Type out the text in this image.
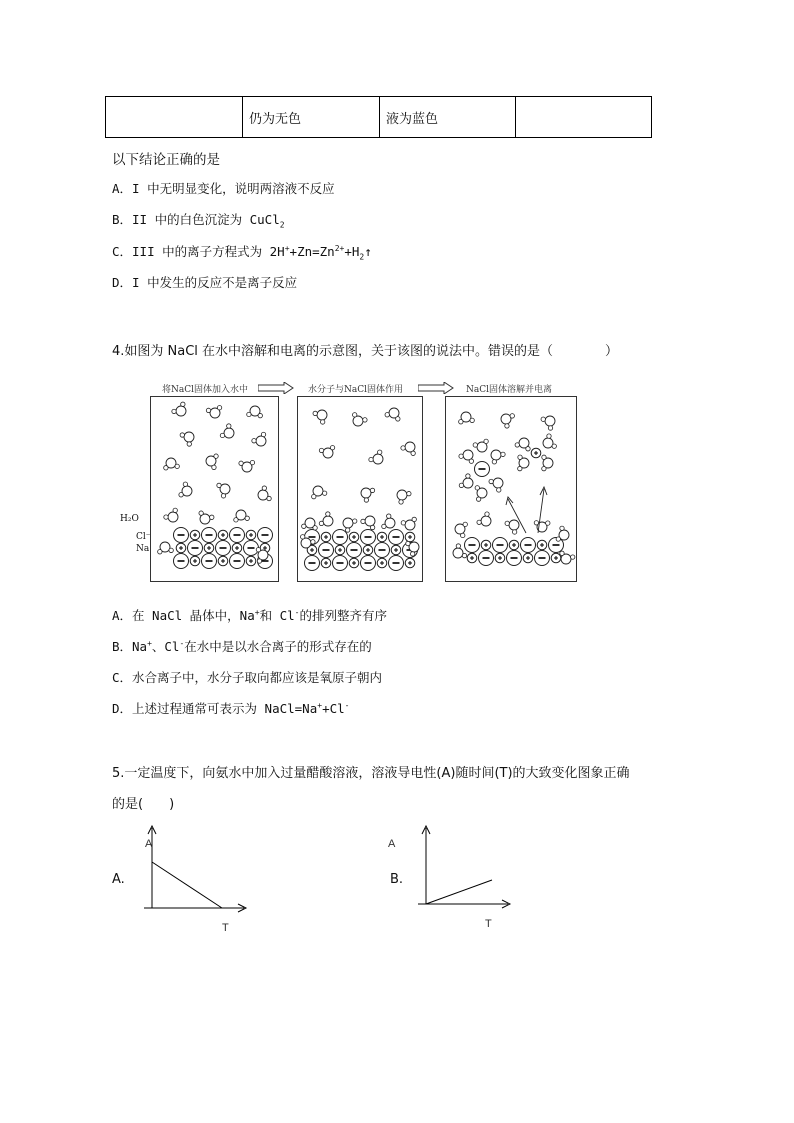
	仍为无色	液为蓝色	
以下结论正确的是
A．I 中无明显变化，说明两溶液不反应
B．II 中的白色沉淀为 CuCl$_2$
C．III 中的离子方程式为 $2H^++Zn=Zn^{2+}+H_2↑$
D．I 中发生的反应不是离子反应
4.如图为 NaCl 在水中溶解和电离的示意图，关于该图的说法中。错误的是（　　　　）
将NaCl固体加入水中	水分子与NaCl固体作用	NaCl固体溶解并电离
H₂O
Cl⁻
Na
A．在 NaCl 晶体中，Na+和 Cl-的排列整齐有序
B．Na+、Cl-在水中是以水合离子的形式存在的
C．水合离子中，水分子取向都应该是氧原子朝内
D．上述过程通常可表示为 NaCl=Na++Cl-
5.一定温度下，向氨水中加入过量醋酸溶液，溶液导电性(A)随时间(T)的大致变化图象正确
的是(　　)
A.
A
T
B.
A
T
